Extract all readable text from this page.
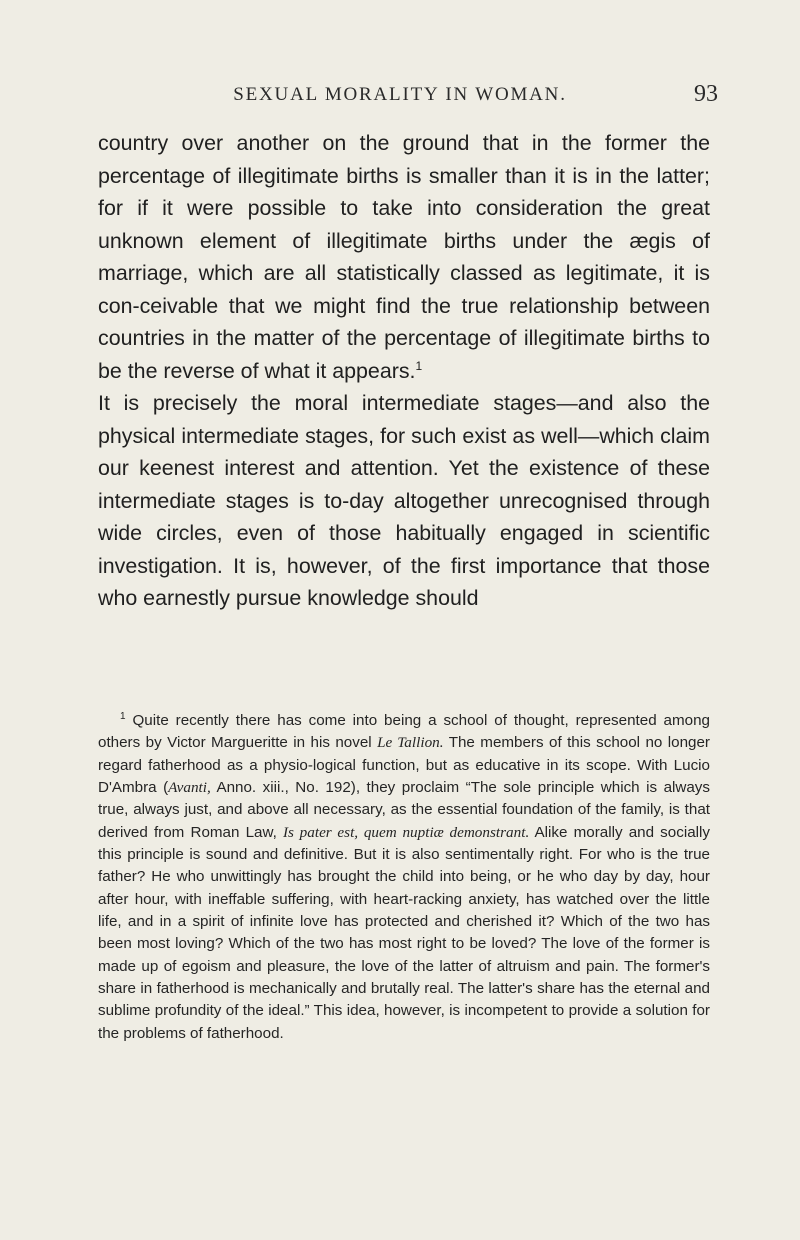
SEXUAL MORALITY IN WOMAN.	93

country over another on the ground that in the former the percentage of illegitimate births is smaller than it is in the latter; for if it were possible to take into consideration the great unknown element of illegitimate births under the ægis of marriage, which are all statistically classed as legitimate, it is con-ceivable that we might find the true relationship between countries in the matter of the percentage of illegitimate births to be the reverse of what it appears.$^1$

It is precisely the moral intermediate stages—and also the physical intermediate stages, for such exist as well—which claim our keenest interest and attention. Yet the existence of these intermediate stages is to-day altogether unrecognised through wide circles, even of those habitually engaged in scientific investigation. It is, however, of the first importance that those who earnestly pursue knowledge should

$^1$ Quite recently there has come into being a school of thought, represented among others by Victor Margueritte in his novel Le Tallion. The members of this school no longer regard fatherhood as a physio-logical function, but as educative in its scope. With Lucio D'Ambra (Avanti, Anno. xiii., No. 192), they proclaim “The sole principle which is always true, always just, and above all necessary, as the essential foundation of the family, is that derived from Roman Law, Is pater est, quem nuptiæ demonstrant. Alike morally and socially this principle is sound and definitive. But it is also sentimentally right. For who is the true father? He who unwittingly has brought the child into being, or he who day by day, hour after hour, with ineffable suffering, with heart-racking anxiety, has watched over the little life, and in a spirit of infinite love has protected and cherished it? Which of the two has been most loving? Which of the two has most right to be loved? The love of the former is made up of egoism and pleasure, the love of the latter of altruism and pain. The former's share in fatherhood is mechanically and brutally real. The latter's share has the eternal and sublime profundity of the ideal.” This idea, however, is incompetent to provide a solution for the problems of fatherhood.
